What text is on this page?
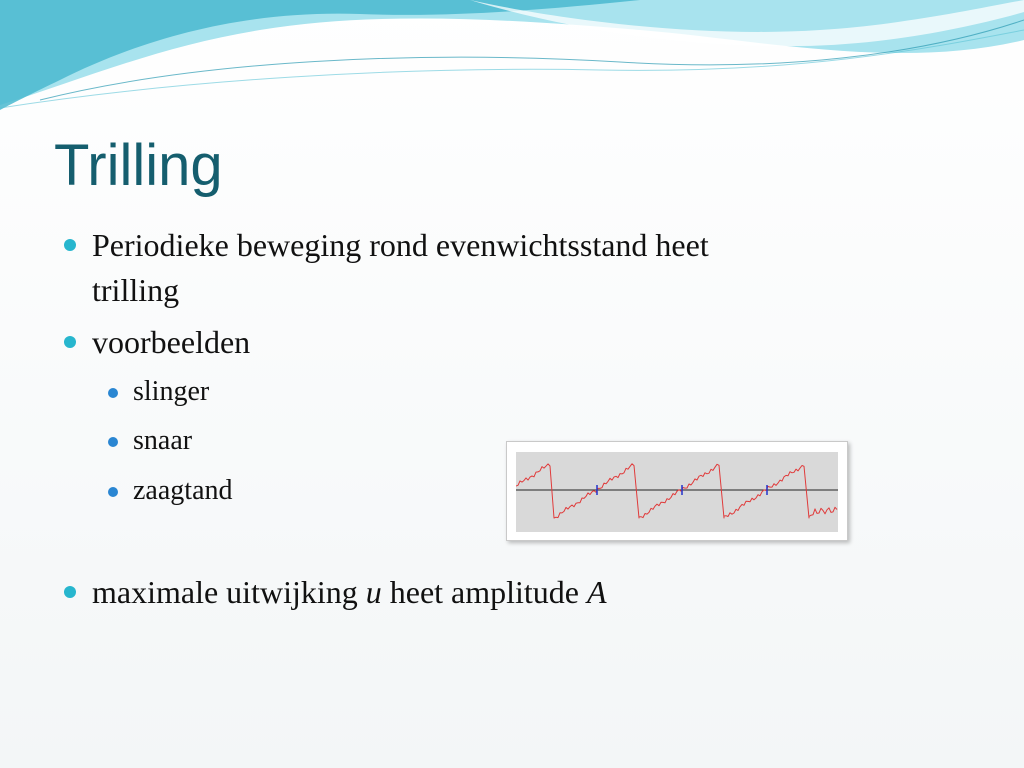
Trilling
Periodieke beweging rond evenwichtsstand heet
trilling
voorbeelden
slinger
snaar
zaagtand
maximale uitwijking u heet amplitude A
